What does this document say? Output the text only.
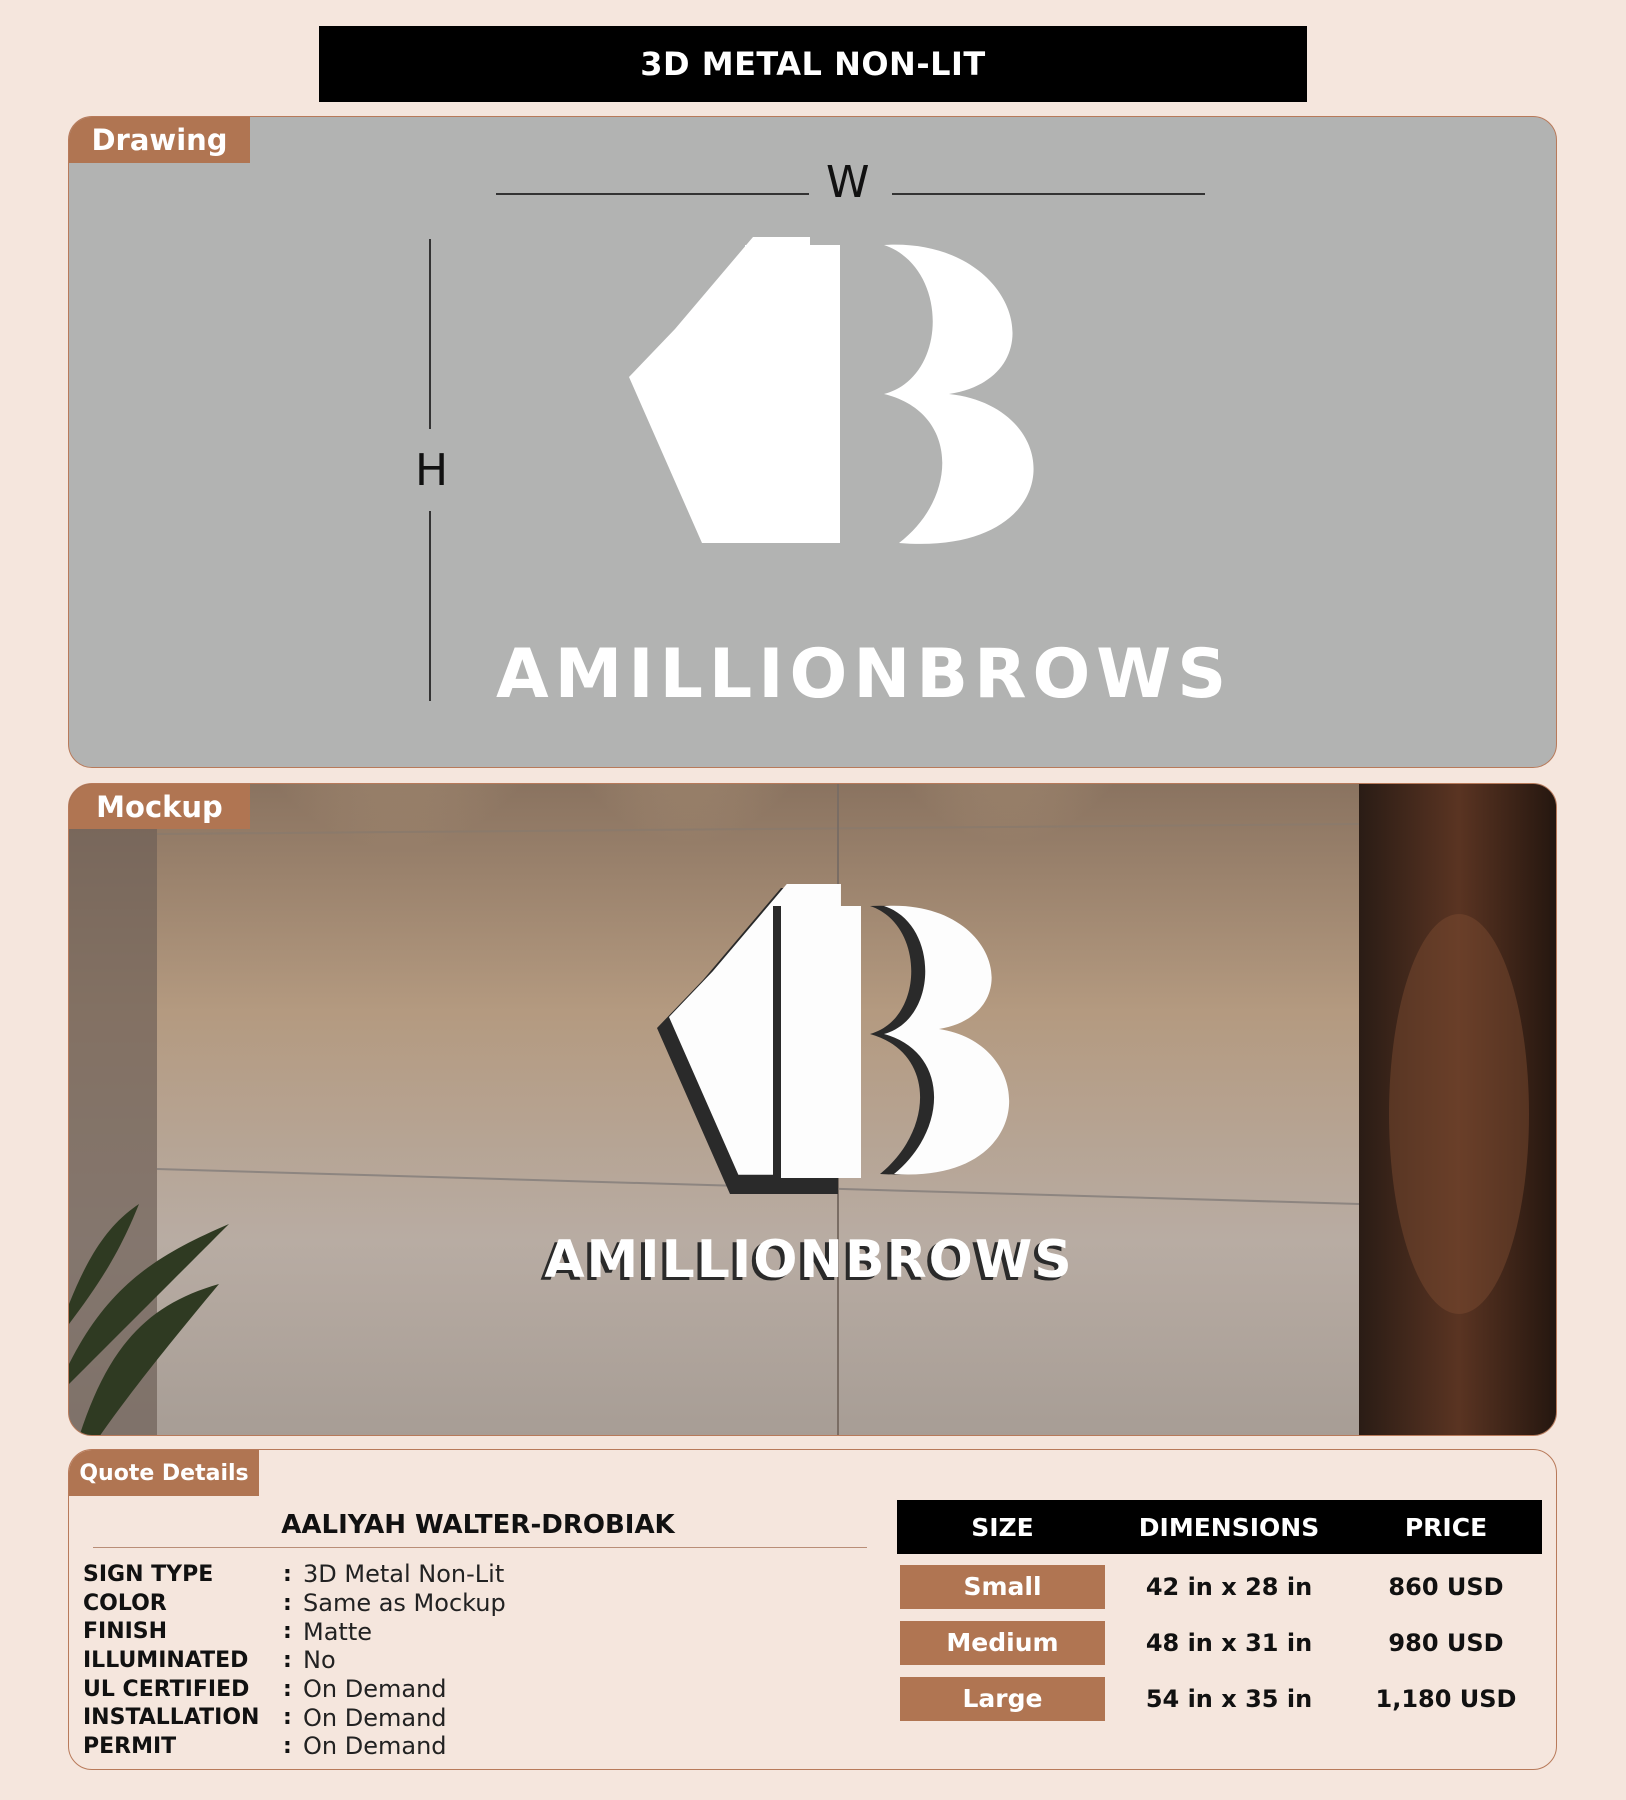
3D METAL NON-LIT
Drawing
W
H
AMILLIONBROWS
AMILLIONBROWS
Mockup
Quote Details
AALIYAH WALTER-DROBIAK
SIGN TYPE	: 3D Metal Non-Lit
COLOR	: Same as Mockup
FINISH	: Matte
ILLUMINATED	: No
UL CERTIFIED	: On Demand
INSTALLATION	: On Demand
PERMIT	: On Demand
SIZE	DIMENSIONS	PRICE
Small	42 in x 28 in	860 USD
Medium	48 in x 31 in	980 USD
Large	54 in x 35 in	1,180 USD
